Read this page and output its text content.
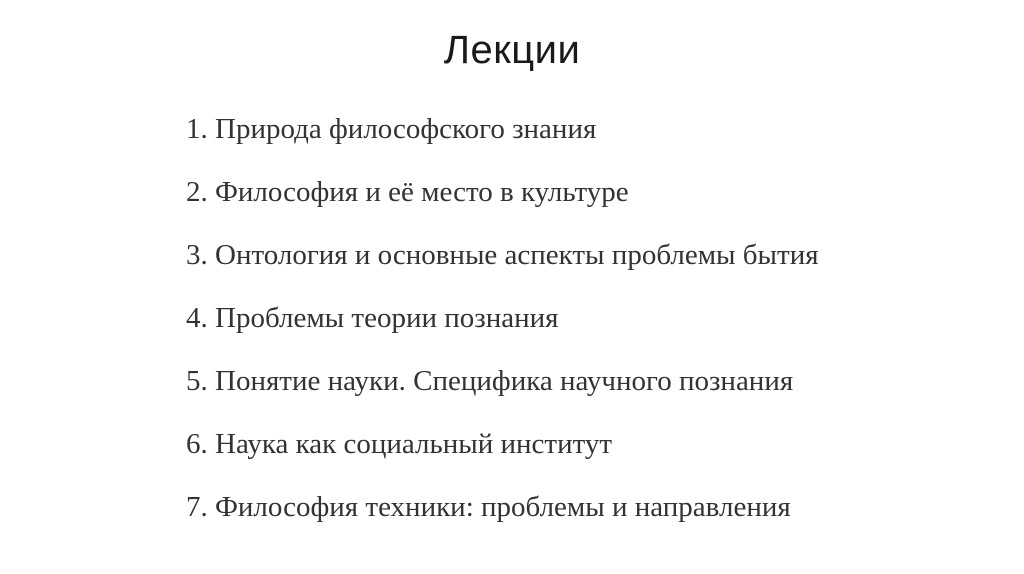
Лекции
1. Природа философского знания
2. Философия и её место в культуре
3. Онтология и основные аспекты проблемы бытия
4. Проблемы теории познания
5. Понятие науки. Специфика научного познания
6. Наука как социальный институт
7. Философия техники: проблемы и направления
